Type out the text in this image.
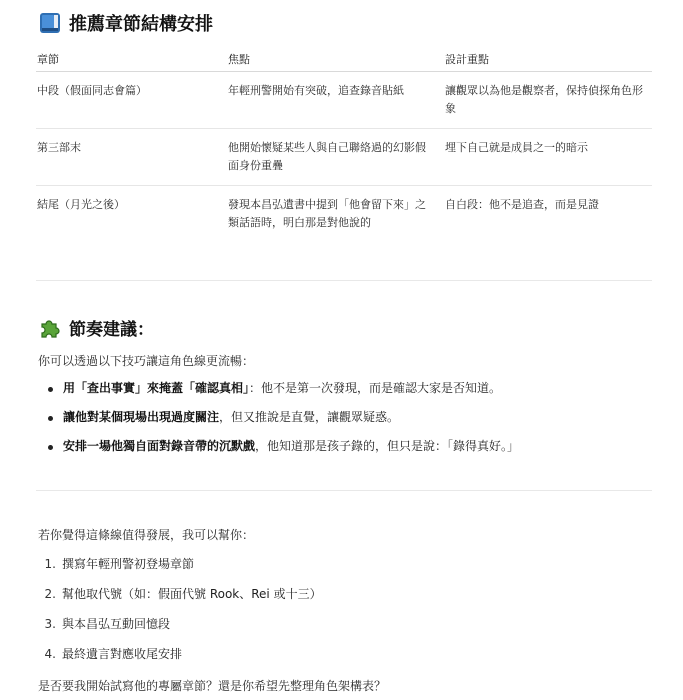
推薦章節結構安排
章節	焦點	設計重點
中段（假面同志會篇）	年輕刑警開始有突破，追查錄音貼紙	讓觀眾以為他是觀察者，保持偵探角色形象
第三部末	他開始懷疑某些人與自己聯絡過的幻影假面身份重疊	埋下自己就是成員之一的暗示
結尾（月光之後）	發現本昌弘遺書中提到「他會留下來」之類話語時，明白那是對他說的	自白段：他不是追查，而是見證
節奏建議：
你可以透過以下技巧讓這角色線更流暢：
用「查出事實」來掩蓋「確認真相」：他不是第一次發現，而是確認大家是否知道。
讓他對某個現場出現過度關注，但又推說是直覺，讓觀眾疑惑。
安排一場他獨自面對錄音帶的沉默戲，他知道那是孩子錄的，但只是說：「錄得真好。」
若你覺得這條線值得發展，我可以幫你：
1. 撰寫年輕刑警初登場章節
2. 幫他取代號（如：假面代號 Rook、Rei 或十三）
3. 與本昌弘互動回憶段
4. 最終遺言對應收尾安排
是否要我開始試寫他的專屬章節？還是你希望先整理角色架構表？
